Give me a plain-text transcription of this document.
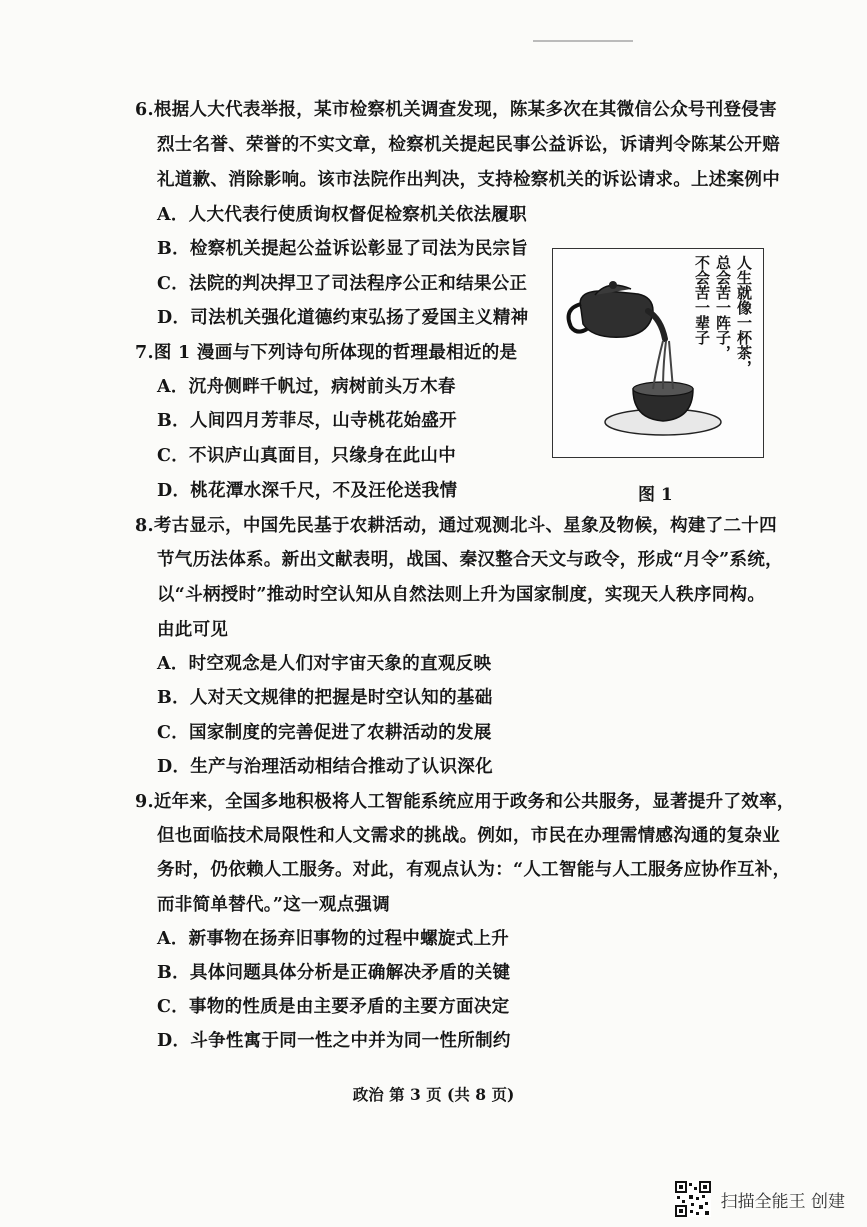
6.根据人大代表举报，某市检察机关调查发现，陈某多次在其微信公众号刊登侵害
烈士名誉、荣誉的不实文章，检察机关提起民事公益诉讼，诉请判令陈某公开赔
礼道歉、消除影响。该市法院作出判决，支持检察机关的诉讼请求。上述案例中
A．人大代表行使质询权督促检察机关依法履职
B．检察机关提起公益诉讼彰显了司法为民宗旨
C．法院的判决捍卫了司法程序公正和结果公正
D．司法机关强化道德约束弘扬了爱国主义精神
7.图 1 漫画与下列诗句所体现的哲理最相近的是
A．沉舟侧畔千帆过，病树前头万木春
B．人间四月芳菲尽，山寺桃花始盛开
C．不识庐山真面目，只缘身在此山中
D．桃花潭水深千尺，不及汪伦送我情
人生就像一杯茶，
总会苦一阵子，
不会苦一辈子
图 1
8.考古显示，中国先民基于农耕活动，通过观测北斗、星象及物候，构建了二十四
节气历法体系。新出文献表明，战国、秦汉整合天文与政令，形成“月令”系统，
以“斗柄授时”推动时空认知从自然法则上升为国家制度，实现天人秩序同构。
由此可见
A．时空观念是人们对宇宙天象的直观反映
B．人对天文规律的把握是时空认知的基础
C．国家制度的完善促进了农耕活动的发展
D．生产与治理活动相结合推动了认识深化
9.近年来，全国多地积极将人工智能系统应用于政务和公共服务，显著提升了效率，
但也面临技术局限性和人文需求的挑战。例如，市民在办理需情感沟通的复杂业
务时，仍依赖人工服务。对此，有观点认为：“人工智能与人工服务应协作互补，
而非简单替代。”这一观点强调
A．新事物在扬弃旧事物的过程中螺旋式上升
B．具体问题具体分析是正确解决矛盾的关键
C．事物的性质是由主要矛盾的主要方面决定
D．斗争性寓于同一性之中并为同一性所制约
政治 第 3 页 (共 8 页)
扫描全能王 创建
